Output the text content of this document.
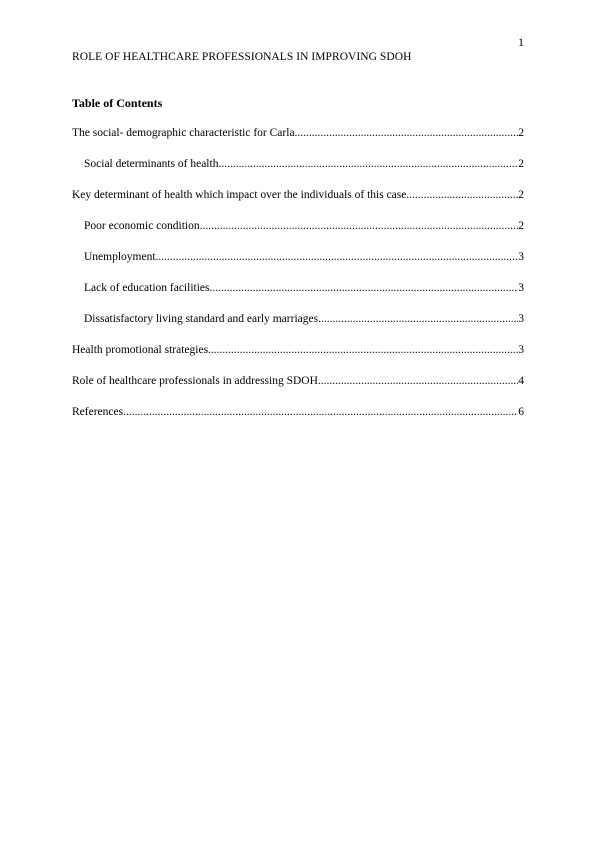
1
ROLE OF HEALTHCARE PROFESSIONALS IN IMPROVING SDOH
Table of Contents
The social- demographic characteristic for Carla .....	2
Social determinants of health .....	2
Key determinant of health which impact over the individuals of this case .....	2
Poor economic condition .....	2
Unemployment .....	3
Lack of education facilities .....	3
Dissatisfactory living standard and early marriages .....	3
Health promotional strategies .....	3
Role of healthcare professionals in addressing SDOH .....	4
References .....	6
